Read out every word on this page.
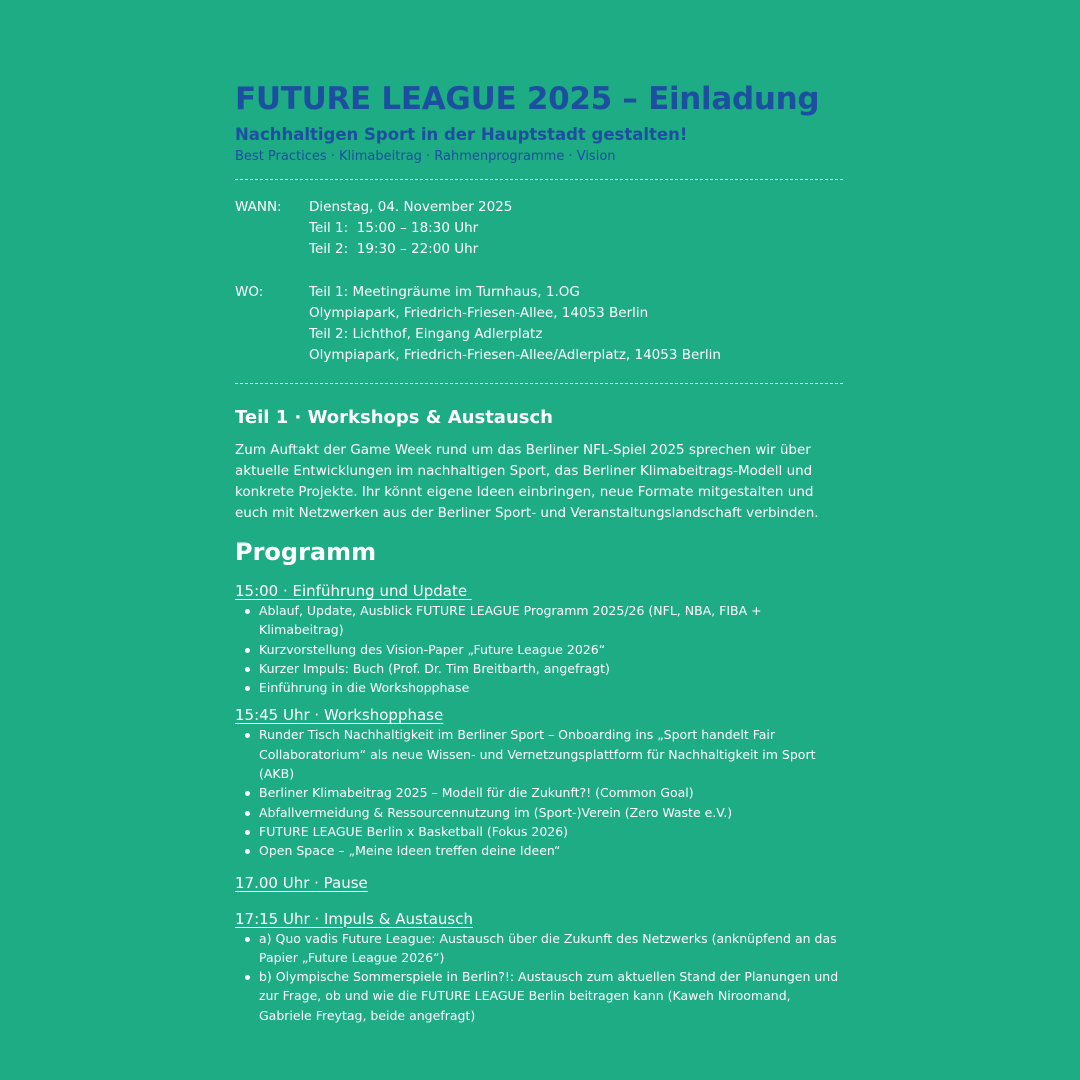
FUTURE LEAGUE 2025 – Einladung
Nachhaltigen Sport in der Hauptstadt gestalten!
Best Practices · Klimabeitrag · Rahmenprogramme · Vision
WANN:	Dienstag, 04. November 2025
Teil 1:  15:00 – 18:30 Uhr
Teil 2:  19:30 – 22:00 Uhr
WO:	Teil 1: Meetingräume im Turnhaus, 1.OG
Olympiapark, Friedrich-Friesen-Allee, 14053 Berlin
Teil 2: Lichthof, Eingang Adlerplatz
Olympiapark, Friedrich-Friesen-Allee/Adlerplatz, 14053 Berlin
Teil 1 · Workshops & Austausch

Zum Auftakt der Game Week rund um das Berliner NFL-Spiel 2025 sprechen wir über aktuelle Entwicklungen im nachhaltigen Sport, das Berliner Klimabeitrags-Modell und konkrete Projekte. Ihr könnt eigene Ideen einbringen, neue Formate mitgestalten und euch mit Netzwerken aus der Berliner Sport- und Veranstaltungslandschaft verbinden.

Programm
15:00 · Einführung und Update
Ablauf, Update, Ausblick FUTURE LEAGUE Programm 2025/26 (NFL, NBA, FIBA + Klimabeitrag)
Kurzvorstellung des Vision-Paper „Future League 2026“
Kurzer Impuls: Buch (Prof. Dr. Tim Breitbarth, angefragt)
Einführung in die Workshopphase
15:45 Uhr · Workshopphase
Runder Tisch Nachhaltigkeit im Berliner Sport – Onboarding ins „Sport handelt Fair Collaboratorium“ als neue Wissen- und Vernetzungsplattform für Nachhaltigkeit im Sport (AKB)
Berliner Klimabeitrag 2025 – Modell für die Zukunft?! (Common Goal)
Abfallvermeidung & Ressourcennutzung im (Sport-)Verein (Zero Waste e.V.)
FUTURE LEAGUE Berlin x Basketball (Fokus 2026)
Open Space – „Meine Ideen treffen deine Ideen“
17.00 Uhr · Pause
17:15 Uhr · Impuls & Austausch
a) Quo vadis Future League: Austausch über die Zukunft des Netzwerks (anknüpfend an das Papier „Future League 2026“)
b) Olympische Sommerspiele in Berlin?!: Austausch zum aktuellen Stand der Planungen und zur Frage, ob und wie die FUTURE LEAGUE Berlin beitragen kann (Kaweh Niroomand, Gabriele Freytag, beide angefragt)
